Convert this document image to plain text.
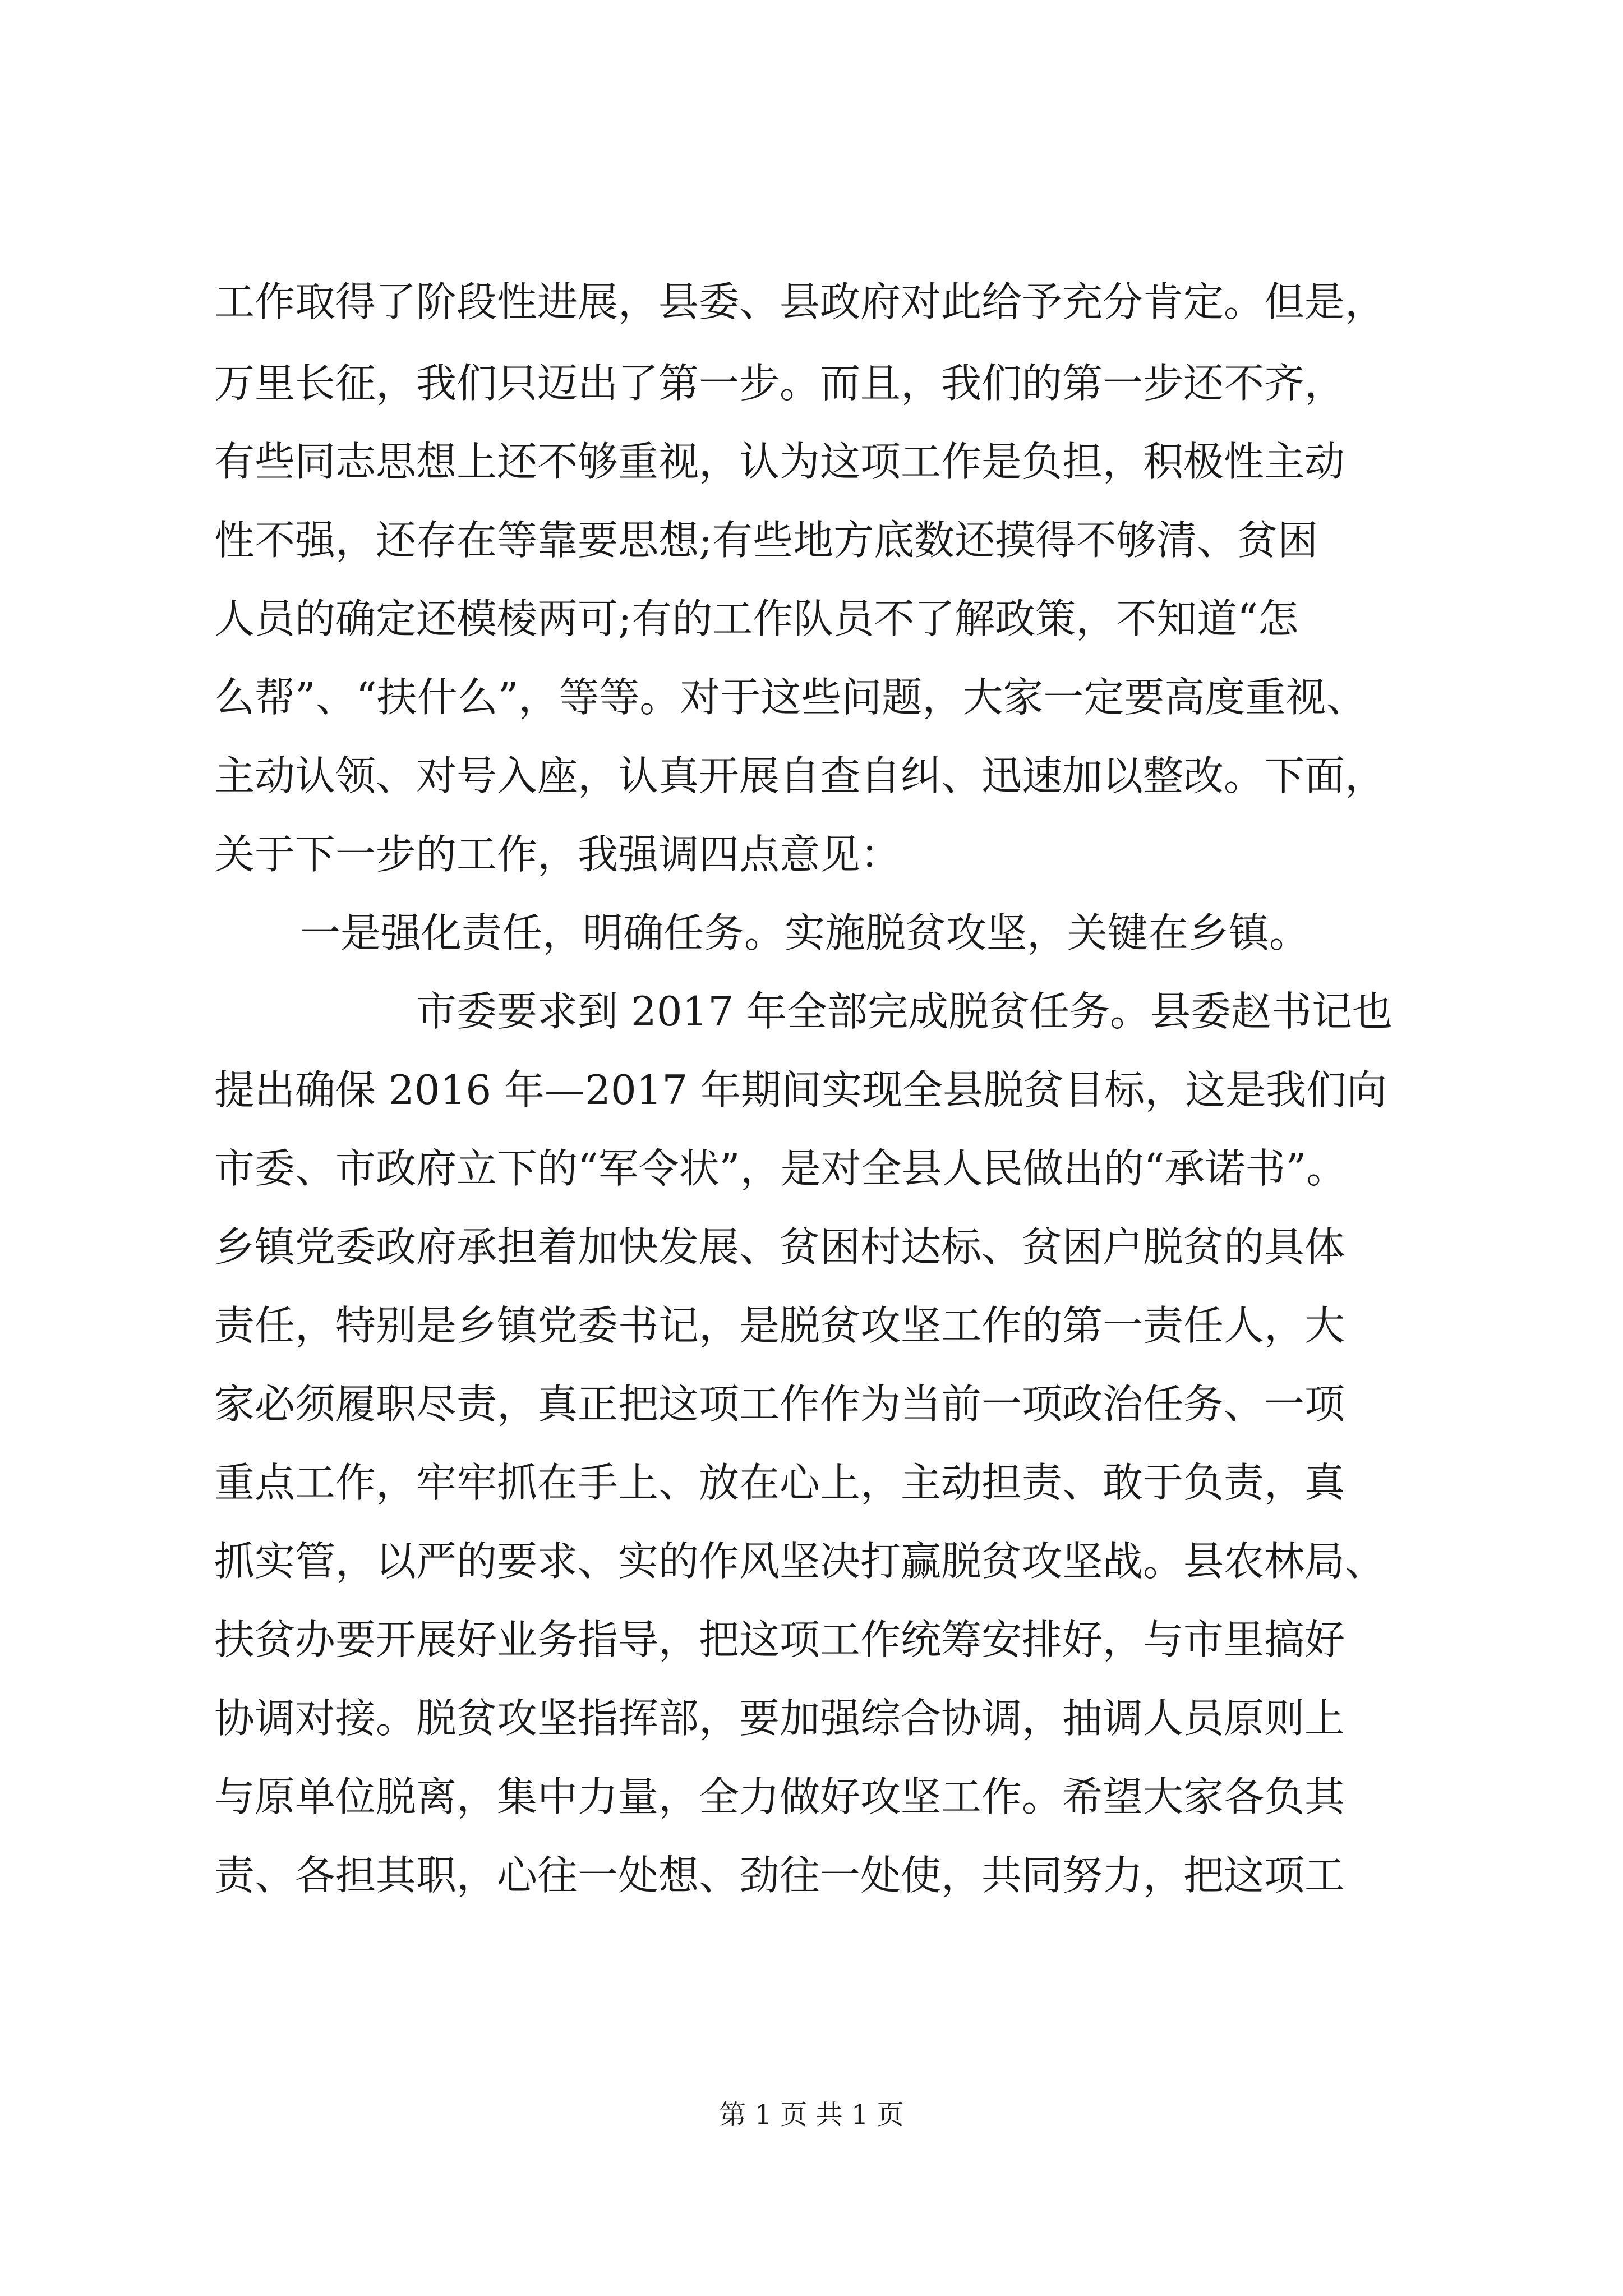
工作取得了阶段性进展，县委、县政府对此给予充分肯定。但是，

万里长征，我们只迈出了第一步。而且，我们的第一步还不齐，

有些同志思想上还不够重视，认为这项工作是负担，积极性主动

性不强，还存在等靠要思想;有些地方底数还摸得不够清、贫困

人员的确定还模棱两可;有的工作队员不了解政策，不知道“怎

么帮”、“扶什么”，等等。对于这些问题，大家一定要高度重视、

主动认领、对号入座，认真开展自查自纠、迅速加以整改。下面，

关于下一步的工作，我强调四点意见：

一是强化责任，明确任务。实施脱贫攻坚，关键在乡镇。

市委要求到 2017 年全部完成脱贫任务。县委赵书记也

提出确保 2016 年—2017 年期间实现全县脱贫目标，这是我们向

市委、市政府立下的“军令状”，是对全县人民做出的“承诺书”。

乡镇党委政府承担着加快发展、贫困村达标、贫困户脱贫的具体

责任，特别是乡镇党委书记，是脱贫攻坚工作的第一责任人，大

家必须履职尽责，真正把这项工作作为当前一项政治任务、一项

重点工作，牢牢抓在手上、放在心上，主动担责、敢于负责，真

抓实管，以严的要求、实的作风坚决打赢脱贫攻坚战。县农林局、

扶贫办要开展好业务指导，把这项工作统筹安排好，与市里搞好

协调对接。脱贫攻坚指挥部，要加强综合协调，抽调人员原则上

与原单位脱离，集中力量，全力做好攻坚工作。希望大家各负其

责、各担其职，心往一处想、劲往一处使，共同努力，把这项工

第 1 页 共 1 页
